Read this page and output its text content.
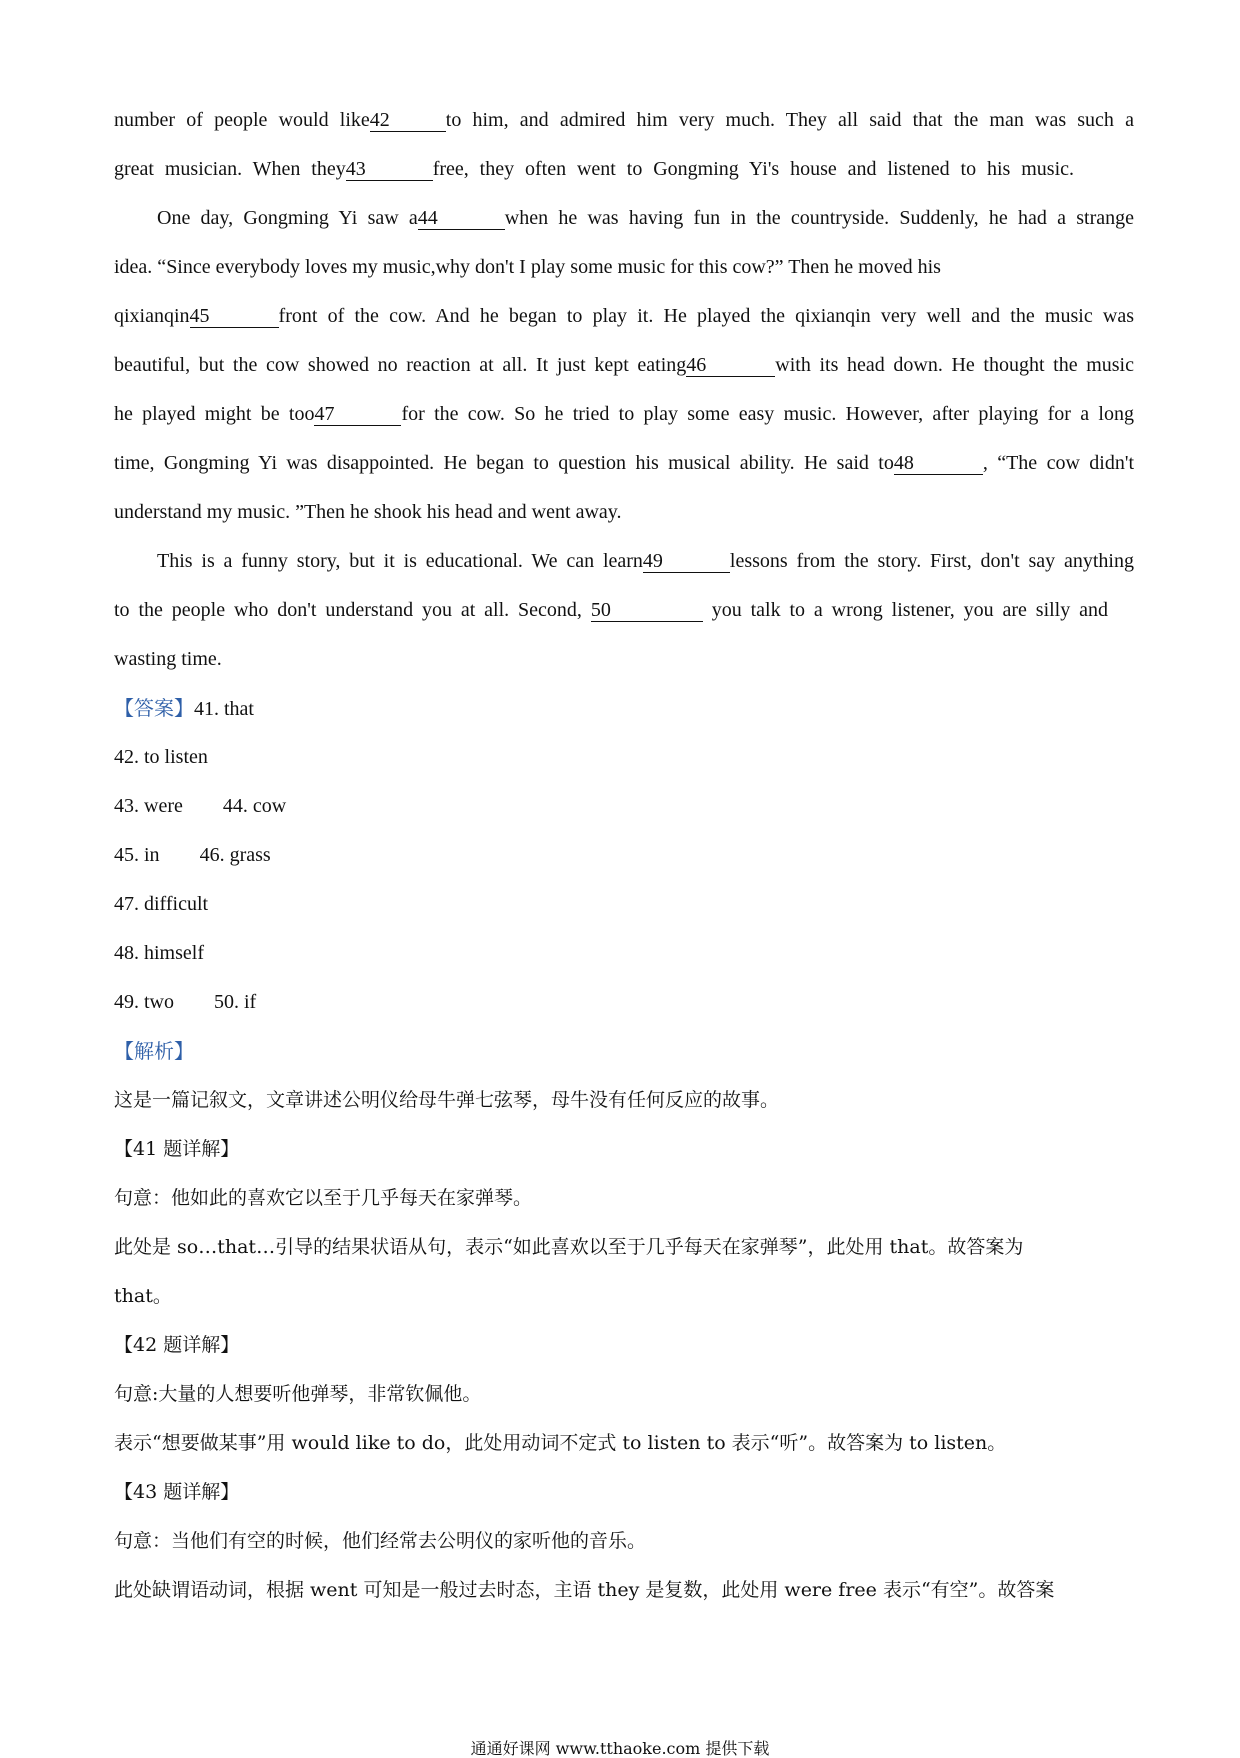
number of people would like42	to him, and admired him very much. They all said that the man was such a
great musician. When they43	free, they often went to Gongming Yi's house and listened to his music.
One day, Gongming Yi saw a44	when he was having fun in the countryside. Suddenly, he had a strange
idea. “Since everybody loves my music,why don't I play some music for this cow?” Then he moved his
qixianqin45	front of the cow. And he began to play it. He played the qixianqin very well and the music was
beautiful, but the cow showed no reaction at all. It just kept eating46	with its head down. He thought the music
he played might be too47	for the cow. So he tried to play some easy music. However, after playing for a long
time, Gongming Yi was disappointed. He began to question his musical ability. He said to48	, “The cow didn't
understand my music. ”Then he shook his head and went away.
This is a funny story, but it is educational. We can learn49	lessons from the story. First, don't say anything
to the people who don't understand you at all. Second, 50	you talk to a wrong listener, you are silly and
wasting time.
【答案】41. that
42. to listen
43. were 44. cow
45. in 46. grass
47. difficult
48. himself
49. two 50. if
【解析】
这是一篇记叙文，文章讲述公明仪给母牛弹七弦琴，母牛没有任何反应的故事。
【41 题详解】
句意：他如此的喜欢它以至于几乎每天在家弹琴。
此处是 so…that…引导的结果状语从句，表示“如此喜欢以至于几乎每天在家弹琴”，此处用 that。故答案为
that。
【42 题详解】
句意:大量的人想要听他弹琴，非常钦佩他。
表示“想要做某事”用 would like to do，此处用动词不定式 to listen to 表示“听”。故答案为 to listen。
【43 题详解】
句意：当他们有空的时候，他们经常去公明仪的家听他的音乐。
此处缺谓语动词，根据 went 可知是一般过去时态，主语 they 是复数，此处用 were free 表示“有空”。故答案
通通好课网 www.tthaoke.com 提供下载
